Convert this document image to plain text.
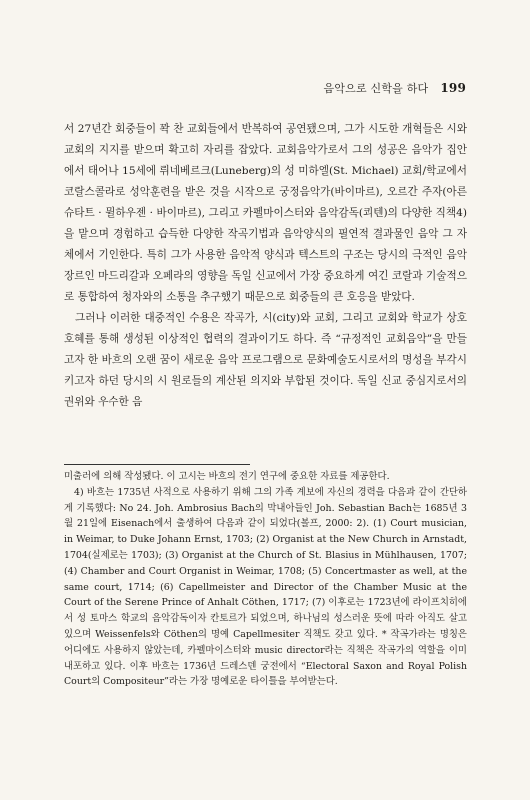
음악으로 신학을 하다 199

서 27년간 회중들이 꽉 찬 교회들에서 반복하여 공연됐으며, 그가 시도한 개혁들은 시와 교회의 지지를 받으며 확고히 자리를 잡았다. 교회음악가로서 그의 성공은 음악가 집안에서 태어나 15세에 뤼네베르크(Luneberg)의 성 미하엘(St. Michael) 교회/학교에서 코랄스콜라로 성악훈련을 받은 것을 시작으로 궁정음악가(바이마르), 오르간 주자(아른슈타트 · 뮐하우젠 · 바이마르), 그리고 카펠마이스터와 음악감독(쾨텐)의 다양한 직책4)을 맡으며 경험하고 습득한 다양한 작곡기법과 음악양식의 필연적 결과물인 음악 그 자체에서 기인한다. 특히 그가 사용한 음악적 양식과 텍스트의 구조는 당시의 극적인 음악장르인 마드리갈과 오페라의 영향을 독일 신교에서 가장 중요하게 여긴 코랄과 기술적으로 통합하여 청자와의 소통을 추구했기 때문으로 회중들의 큰 호응을 받았다.

그러나 이러한 대중적인 수용은 작곡가, 시(city)와 교회, 그리고 교회와 학교가 상호호혜를 통해 생성된 이상적인 협력의 결과이기도 하다. 즉 “규정적인 교회음악”을 만들고자 한 바흐의 오랜 꿈이 새로운 음악 프로그램으로 문화예술도시로서의 명성을 부각시키고자 하던 당시의 시 원로들의 계산된 의지와 부합된 것이다. 독일 신교 중심지로서의 권위와 우수한 음

미출러에 의해 작성됐다. 이 고시는 바흐의 전기 연구에 중요한 자료를 제공한다.

4) 바흐는 1735년 사적으로 사용하기 위해 그의 가족 계보에 자신의 경력을 다음과 같이 간단하게 기록했다: No 24. Joh. Ambrosius Bach의 막내아들인 Joh. Sebastian Bach는 1685년 3월 21일에 Eisenach에서 출생하여 다음과 같이 되었다(볼프, 2000: 2). (1) Court musician, in Weimar, to Duke Johann Ernst, 1703; (2) Organist at the New Church in Arnstadt, 1704(실제로는 1703); (3) Organist at the Church of St. Blasius in Mühlhausen, 1707; (4) Chamber and Court Organist in Weimar, 1708; (5) Concertmaster as well, at the same court, 1714; (6) Capellmeister and Director of the Chamber Music at the Court of the Serene Prince of Anhalt Cöthen, 1717; (7) 이후로는 1723년에 라이프치히에서 성 토마스 학교의 음악감독이자 칸토르가 되었으며, 하나님의 성스러운 뜻에 따라 아직도 살고 있으며 Weissenfels와 Cöthen의 명예 Capellmesiter 직책도 갖고 있다. * 작곡가라는 명칭은 어디에도 사용하지 않았는데, 카펠마이스터와 music director라는 직책은 작곡가의 역할을 이미 내포하고 있다. 이후 바흐는 1736년 드레스덴 궁전에서 “Electoral Saxon and Royal Polish Court의 Compositeur”라는 가장 명예로운 타이틀을 부여받는다.
